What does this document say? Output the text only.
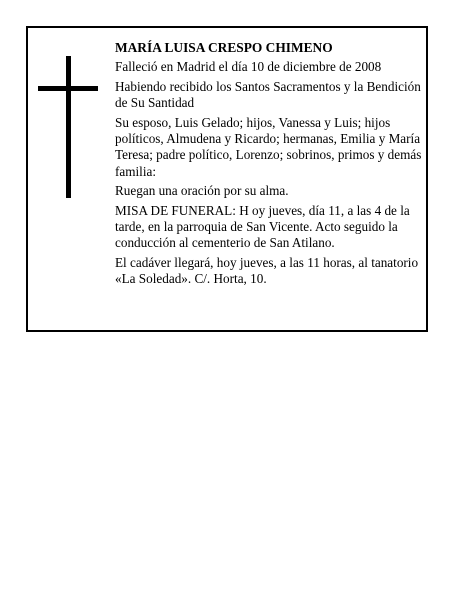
MARÍA LUISA CRESPO CHIMENO

Falleció en Madrid el día 10 de diciembre de 2008

Habiendo recibido los Santos Sacramentos y la Bendición de Su Santidad

Su esposo, Luis Gelado; hijos, Vanessa y Luis; hijos políticos, Almudena y Ricardo; hermanas, Emilia y María Teresa; padre político, Lorenzo; sobrinos, primos y demás familia:

Ruegan una oración por su alma.

MISA DE FUNERAL: H oy jueves, día 11, a las 4 de la tarde, en la parroquia de San Vicente. Acto seguido la conducción al cementerio de San Atilano.

El cadáver llegará, hoy jueves, a las 11 horas, al tanatorio «La Soledad». C/. Horta, 10.
